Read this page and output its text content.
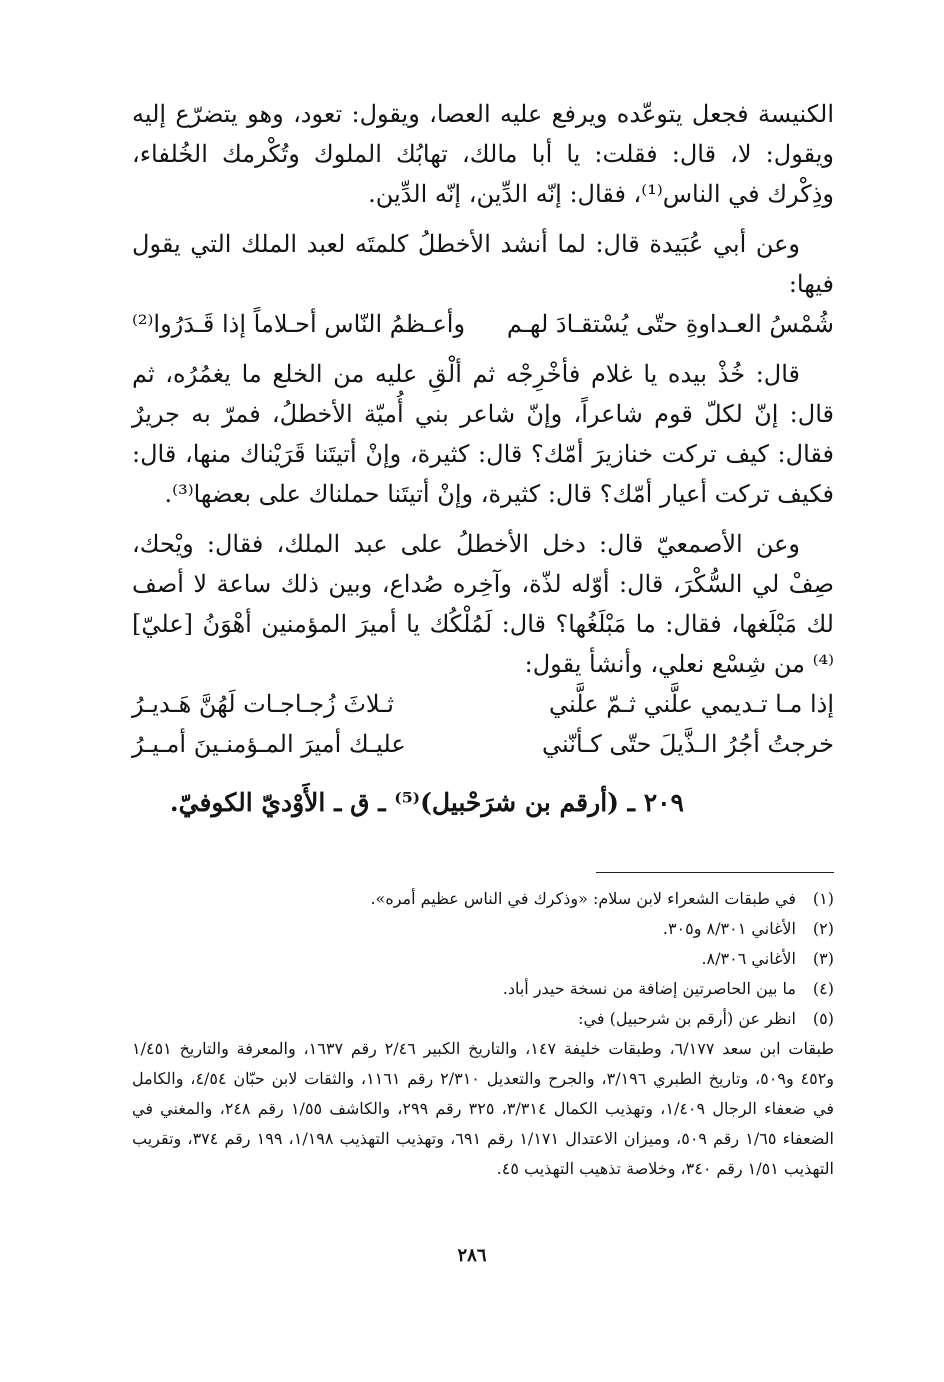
الكنيسة فجعل يتوعّده ويرفع عليه العصا، ويقول: تعود، وهو يتضرّع إليه ويقول: لا، قال: فقلت: يا أبا مالك، تهابُك الملوك وتُكْرمك الخُلفاء، وذِكْرك في الناس⁽¹⁾، فقال: إنّه الدِّين، إنّه الدِّين.

وعن أبي عُبَيدة قال: لما أنشد الأخطلُ كلمتَه لعبد الملك التي يقول فيها:

شُمْسُ العـداوةِ حتّى يُسْتقـادَ لهـم
وأعـظمُ النّاس أحـلاماً إذا قَـدَرُوا⁽²⁾

قال: خُذْ بيده يا غلام فأخْرِجْه ثم ألْقِ عليه من الخلع ما يغمُرُه، ثم قال: إنّ لكلّ قوم شاعراً، وإنّ شاعر بني أُميّة الأخطلُ، فمرّ به جريرٌ فقال: كيف تركت خنازيرَ أمّك؟ قال: كثيرة، وإنْ أتيتَنا قَرَيْناك منها، قال: فكيف تركت أعيار أمّك؟ قال: كثيرة، وإنْ أتيتَنا حملناك على بعضها⁽³⁾.

وعن الأصمعيّ قال: دخل الأخطلُ على عبد الملك، فقال: ويْحك، صِفْ لي السُّكْرَ، قال: أوّله لذّة، وآخِره صُداع، وبين ذلك ساعة لا أصف لك مَبْلَغها، فقال: ما مَبْلَغُها؟ قال: لَمُلْكُك يا أميرَ المؤمنين أهْوَنُ [عليّ]⁽⁴⁾ من شِسْع نعلي، وأنشأ يقول:

إذا مـا تـديمي علَّني ثـمّ علَّني
ثـلاثَ زُجـاجـات لَهُنَّ هَـديـرُ
خرجتُ أجُرُ الـذَّيلَ حتّى كـأنّني
عليـك أميرَ المـؤمنـينَ أمـيـرُ
٢٠٩ ـ (أرقم بن شرَحْبيل)⁽⁵⁾ ـ ق ـ الأَوْديّ الكوفيّ.
(١)
في طبقات الشعراء لابن سلام: «وذكرك في الناس عظيم أمره».
(٢)
الأغاني ٨/٣٠١ و٣٠٥.
(٣)
الأغاني ٨/٣٠٦.
(٤)
ما بين الحاصرتين إضافة من نسخة حيدر أباد.
(٥)
انظر عن (أرقم بن شرحبيل) في:
طبقات ابن سعد ٦/١٧٧، وطبقات خليفة ١٤٧، والتاريخ الكبير ٢/٤٦ رقم ١٦٣٧، والمعرفة والتاريخ ١/٤٥١ و٤٥٢ و٥٠٩، وتاريخ الطبري ٣/١٩٦، والجرح والتعديل ٢/٣١٠ رقم ١١٦١، والثقات لابن حبّان ٤/٥٤، والكامل في ضعفاء الرجال ١/٤٠٩، وتهذيب الكمال ٣/٣١٤، ٣٢٥ رقم ٢٩٩، والكاشف ١/٥٥ رقم ٢٤٨، والمغني في الضعفاء ١/٦٥ رقم ٥٠٩، وميزان الاعتدال ١/١٧١ رقم ٦٩١، وتهذيب التهذيب ١/١٩٨، ١٩٩ رقم ٣٧٤، وتقريب التهذيب ١/٥١ رقم ٣٤٠، وخلاصة تذهيب التهذيب ٤٥.
٢٨٦
